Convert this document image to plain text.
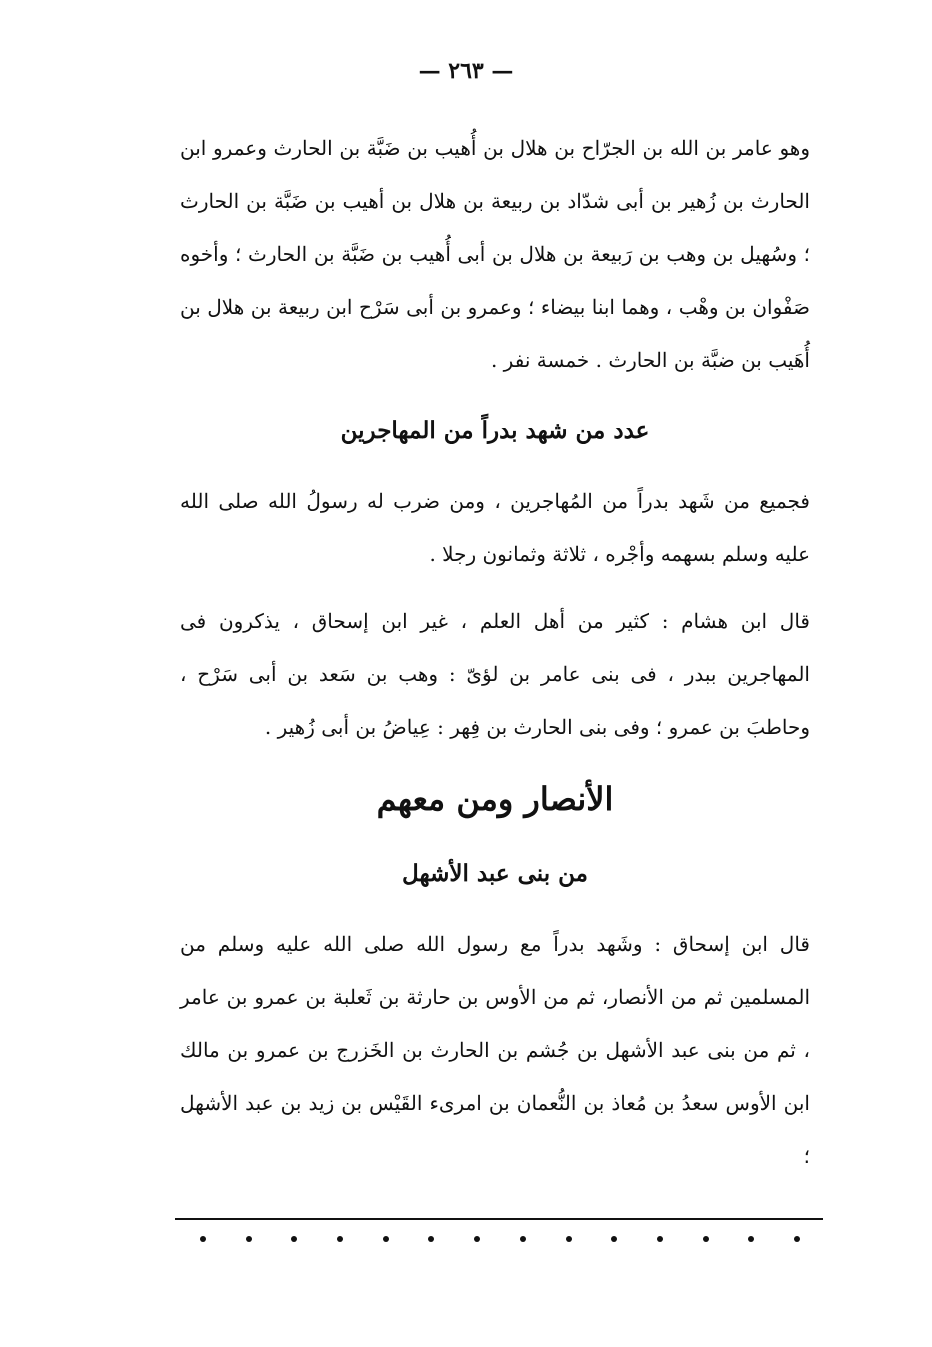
— ٢٦٣ —

وهو عامر بن الله بن الجرّاح بن هلال بن أُهيب بن ضَبَّة بن الحارث وعمرو ابن الحارث بن زُهير بن أبى شدّاد بن ربيعة بن هلال بن أهيب بن ضَبَّة بن الحارث ؛ وسُهيل بن وهب بن رَبيعة بن هلال بن أبى أُهيب بن ضَبَّة بن الحارث ؛ وأخوه صَفْوان بن وهْب ، وهما ابنا بيضاء ؛ وعمرو بن أبى سَرْح ابن ربيعة بن هلال بن أُهَيب بن ضبَّة بن الحارث . خمسة نفر .

عدد من شهد بدراً من المهاجرين

فجميع من شَهد بدراً من المُهاجرين ، ومن ضرب له رسولُ الله صلى الله عليه وسلم بسهمه وأجْره ، ثلاثة وثمانون رجلا .

قال ابن هشام : كثير من أهل العلم ، غير ابن إسحاق ، يذكرون فى المهاجرين ببدر ، فى بنى عامر بن لؤىّ : وهب بن سَعد بن أبى سَرْح ، وحاطبَ بن عمرو ؛ وفى بنى الحارث بن فِهر : عِياضُ بن أبى زُهير .

الأنصار ومن معهم
من بنى عبد الأشهل

قال ابن إسحاق : وشَهد بدراً مع رسول الله صلى الله عليه وسلم من المسلمين ثم من الأنصار، ثم من الأوس بن حارثة بن ثَعلبة بن عمرو بن عامر ، ثم من بنى عبد الأشهل بن جُشم بن الحارث بن الخَزرج بن عمرو بن مالك ابن الأوس سعدُ بن مُعاذ بن النُّعمان بن امرىء القَيْس بن زيد بن عبد الأشهل ؛
